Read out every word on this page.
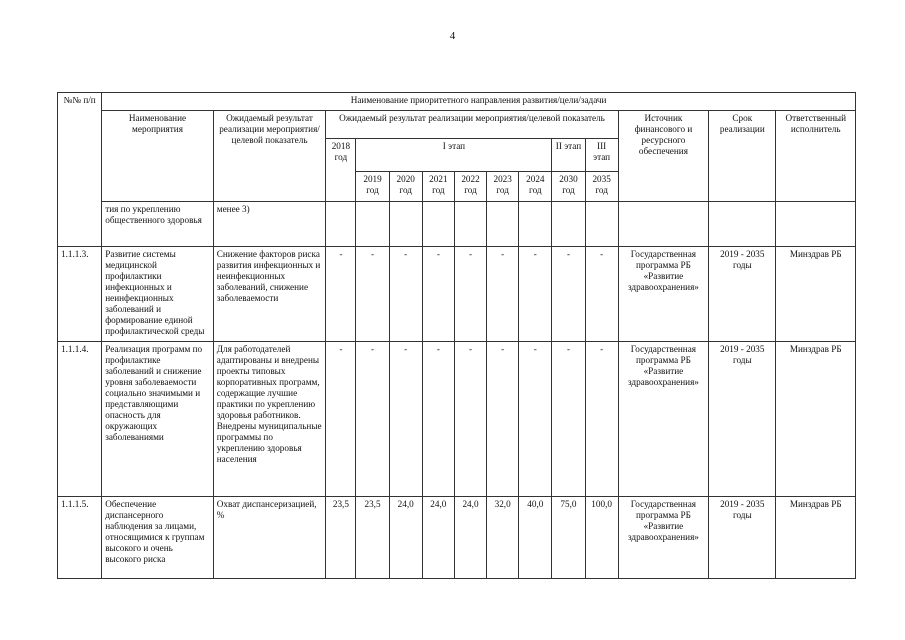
4
№№ п/п	Наименование приоритетного направления развития/цели/задачи													
	Наименование мероприятия	Ожидаемый результат реализации мероприятия/целевой показатель	Ожидаемый результат реализации мероприятия/целевой показатель									Источник финансового и ресурсного обеспечения	Срок реализации	Ответственный исполнитель
			2018 год	I этап						II этап	III этап			
				2019 год	2020 год	2021 год	2022 год	2023 год	2024 год	2030 год	2035 год			
	тия по укреплению общественного здоровья	менее 3)												
1.1.1.3.	Развитие системы медицинской профилактики инфекционных и неинфекционных заболеваний и формирование единой профилактической среды	Снижение факторов риска развития инфекционных и неинфекционных заболеваний, снижение заболеваемости	-	-	-	-	-	-	-	-	-	Государственная программа РБ «Развитие здравоохранения»	2019 - 2035 годы	Минздрав РБ
1.1.1.4.	Реализация программ по профилактике заболеваний и снижение уровня заболеваемости социально значимыми и представляющими опасность для окружающих заболеваниями	Для работодателей адаптированы и внедрены проекты типовых корпоративных программ, содержащие лучшие практики по укреплению здоровья работников. Внедрены муниципальные программы по укреплению здоровья населения	-	-	-	-	-	-	-	-	-	Государственная программа РБ «Развитие здравоохранения»	2019 - 2035 годы	Минздрав РБ
1.1.1.5.	Обеспечение диспансерного наблюдения за лицами, относящимися к группам высокого и очень высокого риска	Охват диспансеризацией, %	23,5	23,5	24,0	24,0	24,0	32,0	40,0	75,0	100,0	Государственная программа РБ «Развитие здравоохранения»	2019 - 2035 годы	Минздрав РБ
